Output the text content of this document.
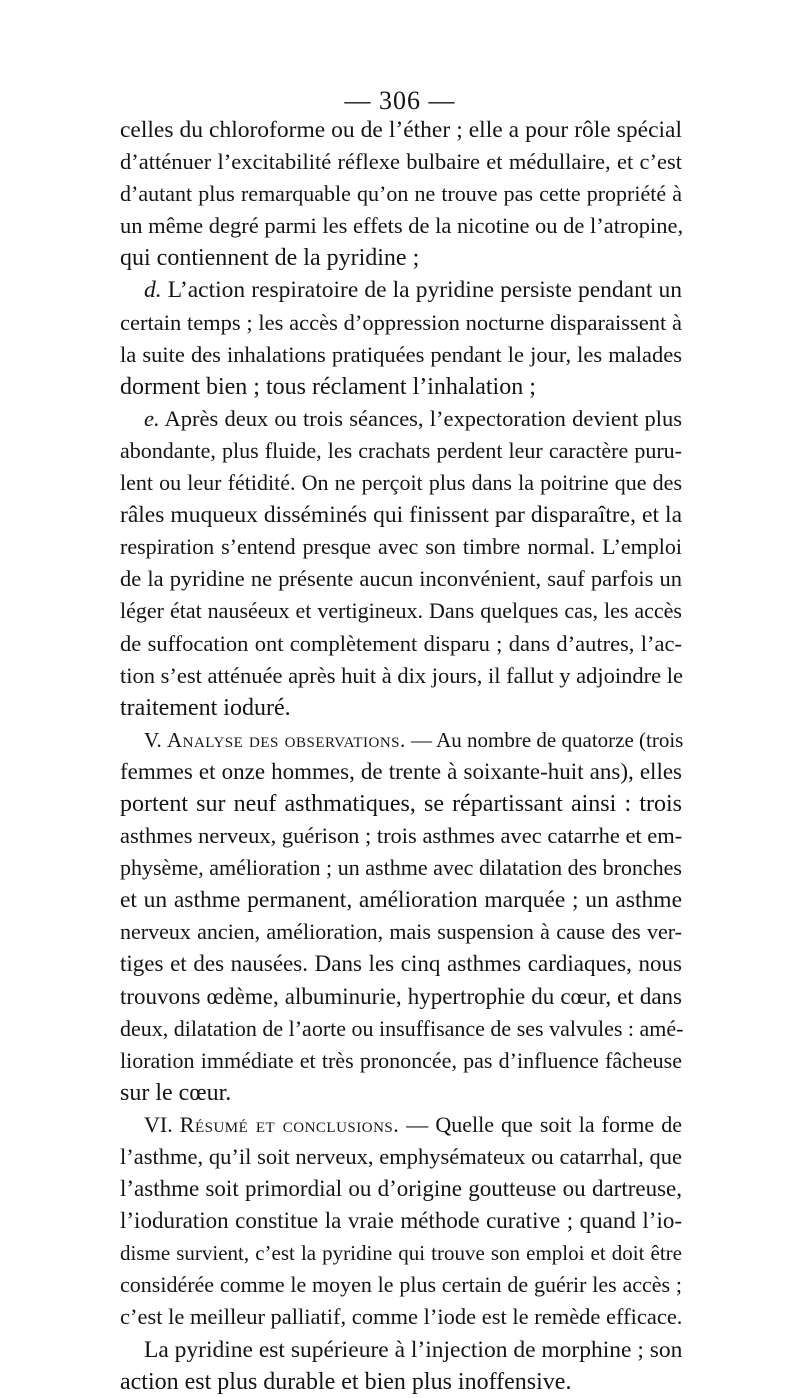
— 306 —
celles du chloroforme ou de l’éther ; elle a pour rôle spécial
d’atténuer l’excitabilité réflexe bulbaire et médullaire, et c’est
d’autant plus remarquable qu’on ne trouve pas cette propriété à
un même degré parmi les effets de la nicotine ou de l’atropine,
qui contiennent de la pyridine ;
d. L’action respiratoire de la pyridine persiste pendant un
certain temps ; les accès d’oppression nocturne disparaissent à
la suite des inhalations pratiquées pendant le jour, les malades
dorment bien ; tous réclament l’inhalation ;
e. Après deux ou trois séances, l’expectoration devient plus
abondante, plus fluide, les crachats perdent leur caractère puru-
lent ou leur fétidité. On ne perçoit plus dans la poitrine que des
râles muqueux disséminés qui finissent par disparaître, et la
respiration s’entend presque avec son timbre normal. L’emploi
de la pyridine ne présente aucun inconvénient, sauf parfois un
léger état nauséeux et vertigineux. Dans quelques cas, les accès
de suffocation ont complètement disparu ; dans d’autres, l’ac-
tion s’est atténuée après huit à dix jours, il fallut y adjoindre le
traitement ioduré.
V. Analyse des observations. — Au nombre de quatorze (trois
femmes et onze hommes, de trente à soixante-huit ans), elles
portent sur neuf asthmatiques, se répartissant ainsi : trois
asthmes nerveux, guérison ; trois asthmes avec catarrhe et em-
physème, amélioration ; un asthme avec dilatation des bronches
et un asthme permanent, amélioration marquée ; un asthme
nerveux ancien, amélioration, mais suspension à cause des ver-
tiges et des nausées. Dans les cinq asthmes cardiaques, nous
trouvons œdème, albuminurie, hypertrophie du cœur, et dans
deux, dilatation de l’aorte ou insuffisance de ses valvules : amé-
lioration immédiate et très prononcée, pas d’influence fâcheuse
sur le cœur.
VI. Résumé et conclusions. — Quelle que soit la forme de
l’asthme, qu’il soit nerveux, emphysémateux ou catarrhal, que
l’asthme soit primordial ou d’origine goutteuse ou dartreuse,
l’ioduration constitue la vraie méthode curative ; quand l’io-
disme survient, c’est la pyridine qui trouve son emploi et doit être
considérée comme le moyen le plus certain de guérir les accès ;
c’est le meilleur palliatif, comme l’iode est le remède efficace.
La pyridine est supérieure à l’injection de morphine ; son
action est plus durable et bien plus inoffensive.
